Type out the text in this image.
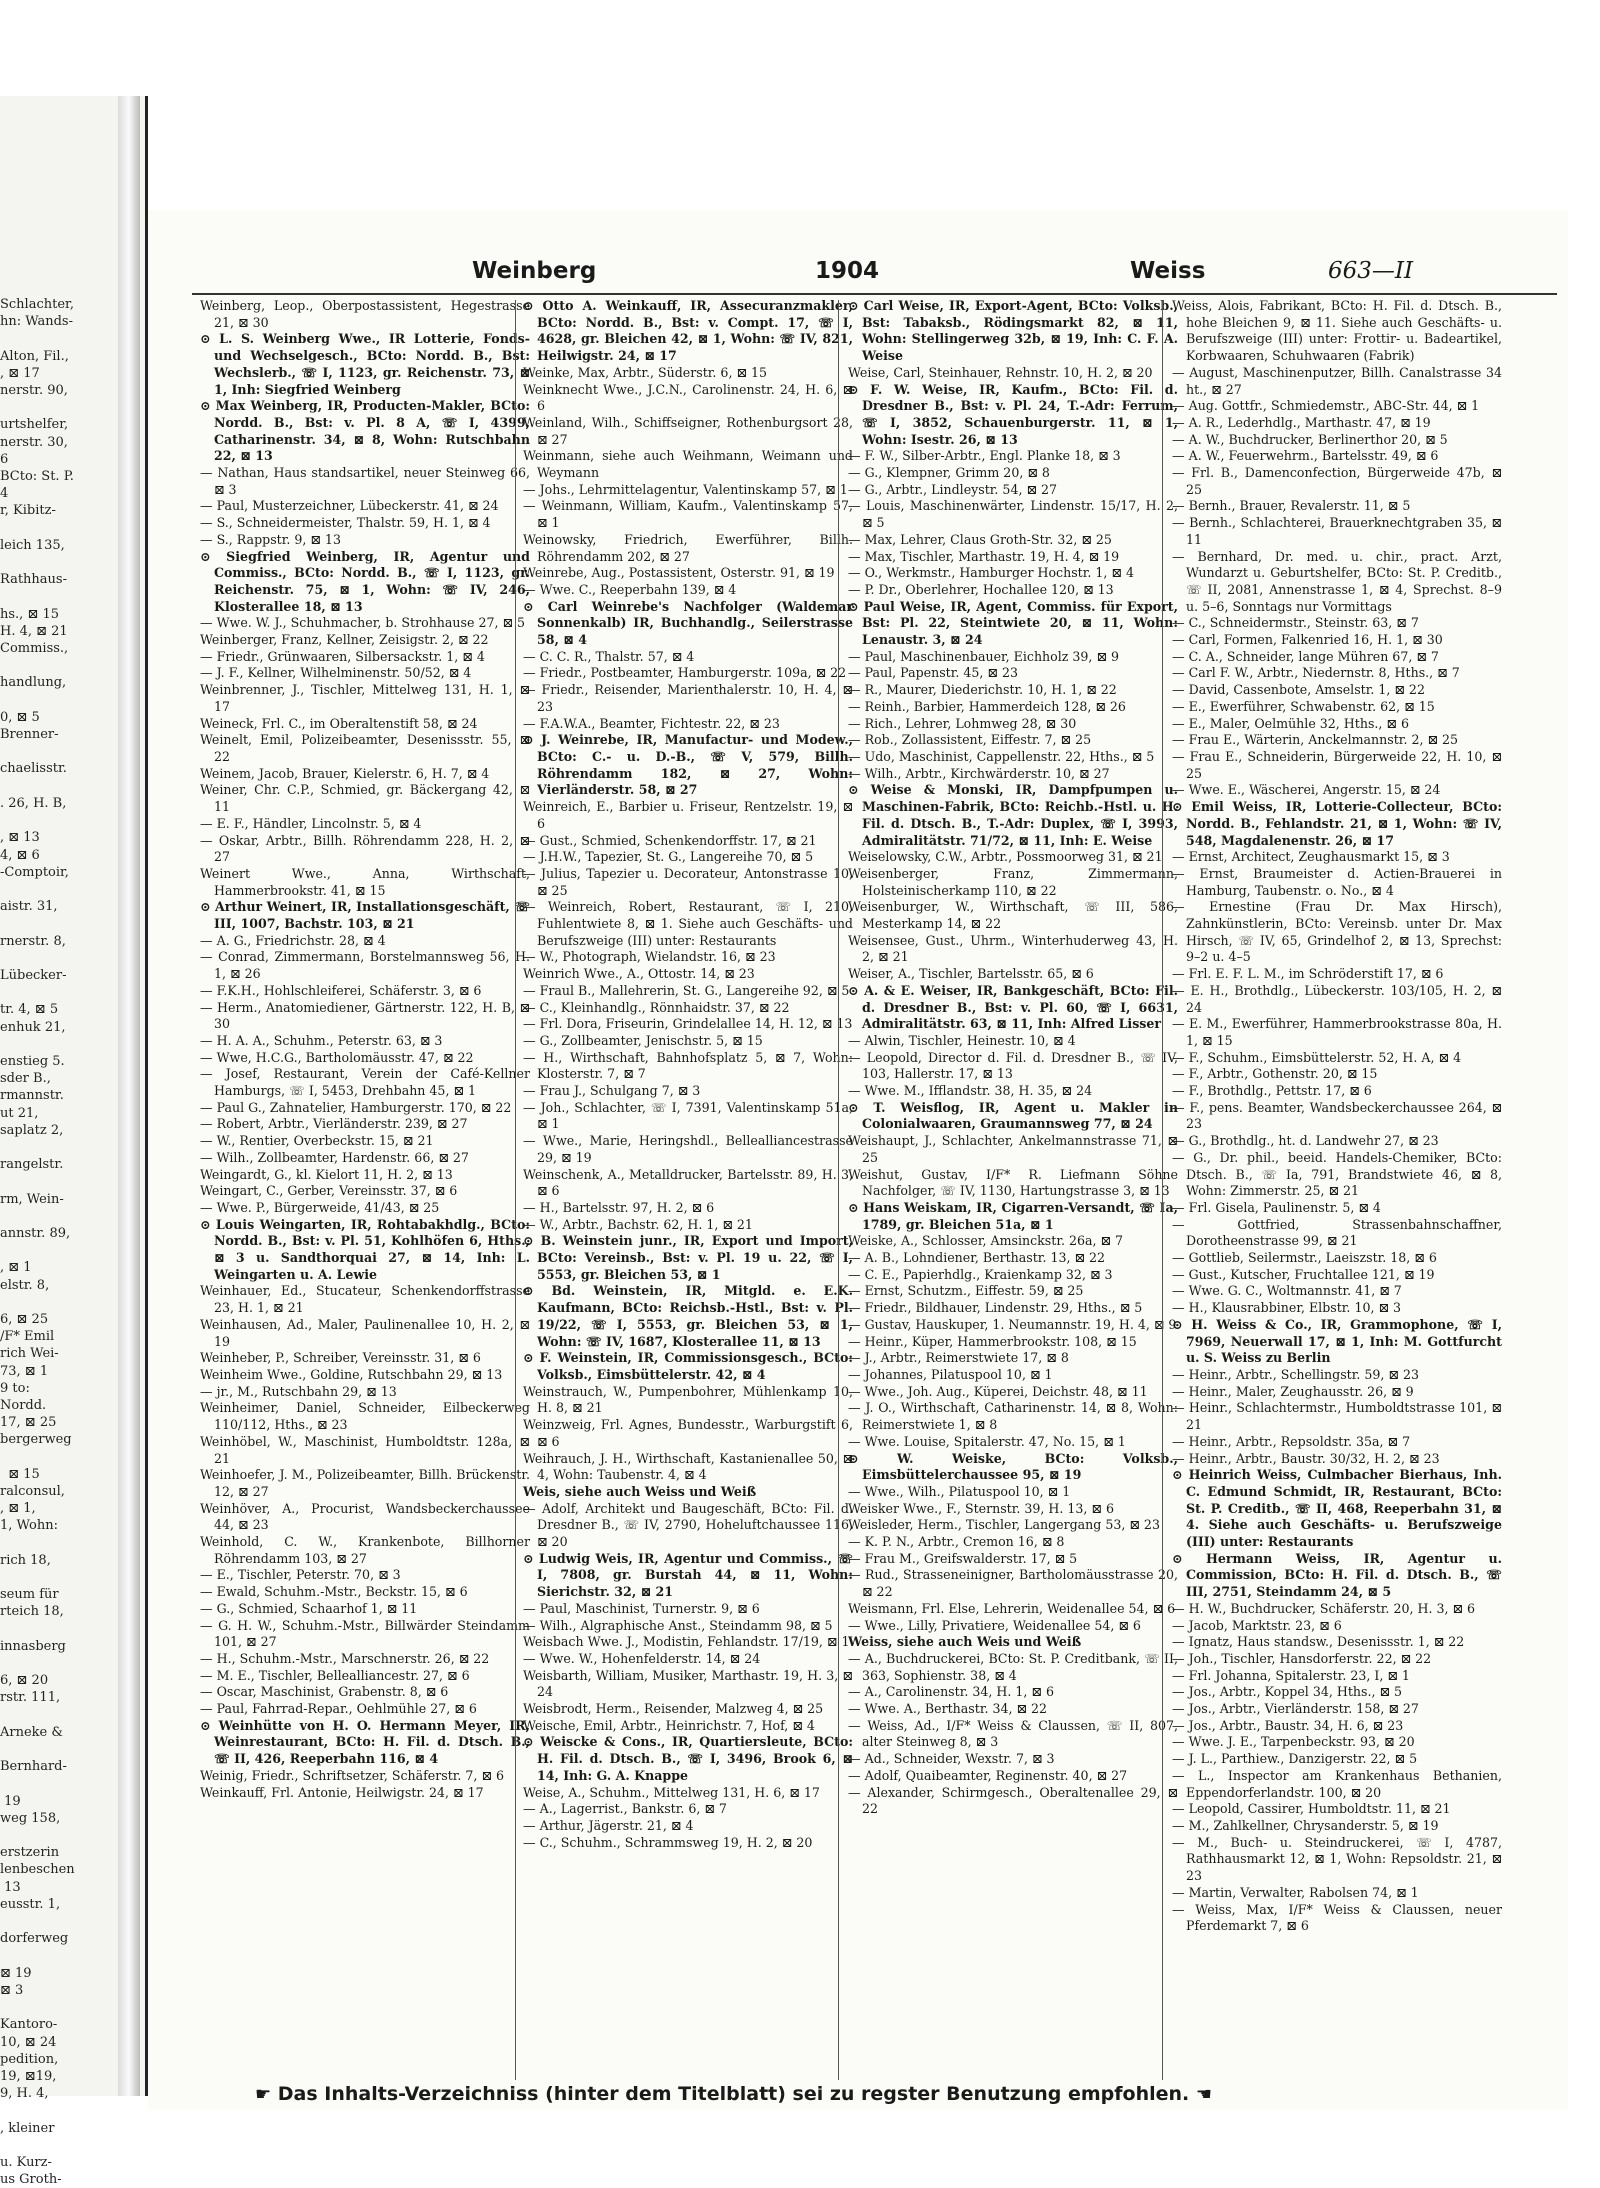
Schlachter,
hn: Wands-

Alton, Fil.,
, ⊠ 17
nerstr. 90,

urtshelfer,
nerstr. 30,
6
BCto: St. P.
4
r, Kibitz-

leich 135,

Rathhaus-

hs., ⊠ 15
H. 4, ⊠ 21
Commiss.,

handlung,

0, ⊠ 5
Brenner-

chaelisstr.

. 26, H. B,

, ⊠ 13
4, ⊠ 6
-Comptoir,

aistr. 31,

rnerstr. 8,

Lübecker-

tr. 4, ⊠ 5
enhuk 21,

enstieg 5.
sder B.,
rmannstr.
ut 21,
saplatz 2,

rangelstr.

rm, Wein-

annstr. 89,

, ⊠ 1
elstr. 8,

6, ⊠ 25
/F* Emil
rich Wei-
73, ⊠ 1
9 to:
Nordd.
17, ⊠ 25
bergerweg

⊠ 15
ralconsul,
, ⊠ 1,
1, Wohn:

rich 18,

seum für
rteich 18,

innasberg

6, ⊠ 20
rstr. 111,

Arneke &

Bernhard-

19
weg 158,

erstzerin
lenbeschen
13
eusstr. 1,

dorferweg

⊠ 19
⊠ 3

Kantoro-
10, ⊠ 24
pedition,
19, ⊠19,
9, H. 4,

, kleiner

u. Kurz-
us Groth-
Weinberg	1904	Weiss	663—II

Weinberg, Leop., Oberpostassistent, Hegestrasse 21, ⊠ 30

⊙ L. S. Weinberg Wwe., IR Lotterie, Fonds- und Wechselgesch., BCto: Nordd. B., Bst: Wechslerb., ☏ I, 1123, gr. Reichenstr. 73, ⊠ 1, Inh: Siegfried Weinberg

⊙ Max Weinberg, IR, Producten-Makler, BCto: Nordd. B., Bst: v. Pl. 8 A, ☏ I, 4399, Catharinenstr. 34, ⊠ 8, Wohn: Rutschbahn 22, ⊠ 13

— Nathan, Haus standsartikel, neuer Steinweg 66, ⊠ 3

— Paul, Musterzeichner, Lübeckerstr. 41, ⊠ 24

— S., Schneidermeister, Thalstr. 59, H. 1, ⊠ 4

— S., Rappstr. 9, ⊠ 13

⊙ Siegfried Weinberg, IR, Agentur und Commiss., BCto: Nordd. B., ☏ I, 1123, gr. Reichenstr. 75, ⊠ 1, Wohn: ☏ IV, 246, Klosterallee 18, ⊠ 13

— Wwe. W. J., Schuhmacher, b. Strohhause 27, ⊠ 5

Weinberger, Franz, Kellner, Zeisigstr. 2, ⊠ 22

— Friedr., Grünwaaren, Silbersackstr. 1, ⊠ 4

— J. F., Kellner, Wilhelminenstr. 50/52, ⊠ 4

Weinbrenner, J., Tischler, Mittelweg 131, H. 1, ⊠ 17

Weineck, Frl. C., im Oberaltenstift 58, ⊠ 24

Weinelt, Emil, Polizeibeamter, Desenissstr. 55, ⊠ 22

Weinem, Jacob, Brauer, Kielerstr. 6, H. 7, ⊠ 4

Weiner, Chr. C.P., Schmied, gr. Bäckergang 42, ⊠ 11

— E. F., Händler, Lincolnstr. 5, ⊠ 4

— Oskar, Arbtr., Billh. Röhrendamm 228, H. 2, ⊠ 27

Weinert Wwe., Anna, Wirthschaft, Hammerbrookstr. 41, ⊠ 15

⊙ Arthur Weinert, IR, Installationsgeschäft, ☏ III, 1007, Bachstr. 103, ⊠ 21

— A. G., Friedrichstr. 28, ⊠ 4

— Conrad, Zimmermann, Borstelmannsweg 56, H. 1, ⊠ 26

— F.K.H., Hohlschleiferei, Schäferstr. 3, ⊠ 6

— Herm., Anatomiediener, Gärtnerstr. 122, H. B, ⊠ 30

— H. A. A., Schuhm., Peterstr. 63, ⊠ 3

— Wwe, H.C.G., Bartholomäusstr. 47, ⊠ 22

— Josef, Restaurant, Verein der Café-Kellner Hamburgs, ☏ I, 5453, Drehbahn 45, ⊠ 1

— Paul G., Zahnatelier, Hamburgerstr. 170, ⊠ 22

— Robert, Arbtr., Vierländerstr. 239, ⊠ 27

— W., Rentier, Overbeckstr. 15, ⊠ 21

— Wilh., Zollbeamter, Hardenstr. 66, ⊠ 27

Weingardt, G., kl. Kielort 11, H. 2, ⊠ 13

Weingart, C., Gerber, Vereinsstr. 37, ⊠ 6

— Wwe. P., Bürgerweide, 41/43, ⊠ 25

⊙ Louis Weingarten, IR, Rohtabakhdlg., BCto: Nordd. B., Bst: v. Pl. 51, Kohlhöfen 6, Hths., ⊠ 3 u. Sandthorquai 27, ⊠ 14, Inh: L. Weingarten u. A. Lewie

Weinhauer, Ed., Stucateur, Schenkendorffstrasse 23, H. 1, ⊠ 21

Weinhausen, Ad., Maler, Paulinenallee 10, H. 2, ⊠ 19

Weinheber, P., Schreiber, Vereinsstr. 31, ⊠ 6

Weinheim Wwe., Goldine, Rutschbahn 29, ⊠ 13

— jr., M., Rutschbahn 29, ⊠ 13

Weinheimer, Daniel, Schneider, Eilbeckerweg 110/112, Hths., ⊠ 23

Weinhöbel, W., Maschinist, Humboldtstr. 128a, ⊠ 21

Weinhoefer, J. M., Polizeibeamter, Billh. Brückenstr. 12, ⊠ 27

Weinhöver, A., Procurist, Wandsbeckerchaussee 44, ⊠ 23

Weinhold, C. W., Krankenbote, Billhorner Röhrendamm 103, ⊠ 27

— E., Tischler, Peterstr. 70, ⊠ 3

— Ewald, Schuhm.-Mstr., Beckstr. 15, ⊠ 6

— G., Schmied, Schaarhof 1, ⊠ 11

— G. H. W., Schuhm.-Mstr., Billwärder Steindamm 101, ⊠ 27

— H., Schuhm.-Mstr., Marschnerstr. 26, ⊠ 22

— M. E., Tischler, Bellealliancestr. 27, ⊠ 6

— Oscar, Maschinist, Grabenstr. 8, ⊠ 6

— Paul, Fahrrad-Repar., Oehlmühle 27, ⊠ 6

⊙ Weinhütte von H. O. Hermann Meyer, IR, Weinrestaurant, BCto: H. Fil. d. Dtsch. B., ☏ II, 426, Reeperbahn 116, ⊠ 4

Weinig, Friedr., Schriftsetzer, Schäferstr. 7, ⊠ 6

Weinkauff, Frl. Antonie, Heilwigstr. 24, ⊠ 17

⊙ Otto A. Weinkauff, IR, Assecuranzmakler, BCto: Nordd. B., Bst: v. Compt. 17, ☏ I, 4628, gr. Bleichen 42, ⊠ 1, Wohn: ☏ IV, 821, Heilwigstr. 24, ⊠ 17

Weinke, Max, Arbtr., Süderstr. 6, ⊠ 15

Weinknecht Wwe., J.C.N., Carolinenstr. 24, H. 6, ⊠ 6

Weinland, Wilh., Schiffseigner, Rothenburgsort 28, ⊠ 27

Weinmann, siehe auch Weihmann, Weimann und Weymann

— Johs., Lehrmittelagentur, Valentinskamp 57, ⊠ 1

— Weinmann, William, Kaufm., Valentinskamp 57, ⊠ 1

Weinowsky, Friedrich, Ewerführer, Billh. Röhrendamm 202, ⊠ 27

Weinrebe, Aug., Postassistent, Osterstr. 91, ⊠ 19

— Wwe. C., Reeperbahn 139, ⊠ 4

⊙ Carl Weinrebe's Nachfolger (Waldemar Sonnenkalb) IR, Buchhandlg., Seilerstrasse 58, ⊠ 4

— C. C. R., Thalstr. 57, ⊠ 4

— Friedr., Postbeamter, Hamburgerstr. 109a, ⊠ 22

— Friedr., Reisender, Marienthalerstr. 10, H. 4, ⊠ 23

— F.A.W.A., Beamter, Fichtestr. 22, ⊠ 23

⊙ J. Weinrebe, IR, Manufactur- und Modew., BCto: C.- u. D.-B., ☏ V, 579, Billh. Röhrendamm 182, ⊠ 27, Wohn: Vierländerstr. 58, ⊠ 27

Weinreich, E., Barbier u. Friseur, Rentzelstr. 19, ⊠ 6

— Gust., Schmied, Schenkendorffstr. 17, ⊠ 21

— J.H.W., Tapezier, St. G., Langereihe 70, ⊠ 5

— Julius, Tapezier u. Decorateur, Antonstrasse 10, ⊠ 25

— Weinreich, Robert, Restaurant, ☏ I, 210, Fuhlentwiete 8, ⊠ 1. Siehe auch Geschäfts- und Berufszweige (III) unter: Restaurants

— W., Photograph, Wielandstr. 16, ⊠ 23

Weinrich Wwe., A., Ottostr. 14, ⊠ 23

— Fraul B., Mallehrerin, St. G., Langereihe 92, ⊠ 5

— C., Kleinhandlg., Rönnhaidstr. 37, ⊠ 22

— Frl. Dora, Friseurin, Grindelallee 14, H. 12, ⊠ 13

— G., Zollbeamter, Jenischstr. 5, ⊠ 15

— H., Wirthschaft, Bahnhofsplatz 5, ⊠ 7, Wohn: Klosterstr. 7, ⊠ 7

— Frau J., Schulgang 7, ⊠ 3

— Joh., Schlachter, ☏ I, 7391, Valentinskamp 51a, ⊠ 1

— Wwe., Marie, Heringshdl., Bellealliancestrasse 29, ⊠ 19

Weinschenk, A., Metalldrucker, Bartelsstr. 89, H. 3, ⊠ 6

— H., Bartelsstr. 97, H. 2, ⊠ 6

— W., Arbtr., Bachstr. 62, H. 1, ⊠ 21

⊙ B. Weinstein junr., IR, Export und Import, BCto: Vereinsb., Bst: v. Pl. 19 u. 22, ☏ I, 5553, gr. Bleichen 53, ⊠ 1

⊙ Bd. Weinstein, IR, Mitgld. e. E.K. Kaufmann, BCto: Reichsb.-Hstl., Bst: v. Pl. 19/22, ☏ I, 5553, gr. Bleichen 53, ⊠ 1, Wohn: ☏ IV, 1687, Klosterallee 11, ⊠ 13

⊙ F. Weinstein, IR, Commissionsgesch., BCto: Volksb., Eimsbüttelerstr. 42, ⊠ 4

Weinstrauch, W., Pumpenbohrer, Mühlenkamp 10, H. 8, ⊠ 21

Weinzweig, Frl. Agnes, Bundesstr., Warburgstift 6, ⊠ 6

Weihrauch, J. H., Wirthschaft, Kastanienallee 50, ⊠ 4, Wohn: Taubenstr. 4, ⊠ 4

Weis, siehe auch Weiss und Weiß

— Adolf, Architekt und Baugeschäft, BCto: Fil. d. Dresdner B., ☏ IV, 2790, Hoheluftchaussee 116, ⊠ 20

⊙ Ludwig Weis, IR, Agentur und Commiss., ☏ I, 7808, gr. Burstah 44, ⊠ 11, Wohn: Sierichstr. 32, ⊠ 21

— Paul, Maschinist, Turnerstr. 9, ⊠ 6

— Wilh., Algraphische Anst., Steindamm 98, ⊠ 5

Weisbach Wwe. J., Modistin, Fehlandstr. 17/19, ⊠ 1

— Wwe. W., Hohenfelderstr. 14, ⊠ 24

Weisbarth, William, Musiker, Marthastr. 19, H. 3, ⊠ 24

Weisbrodt, Herm., Reisender, Malzweg 4, ⊠ 25

Weische, Emil, Arbtr., Heinrichstr. 7, Hof, ⊠ 4

⊙ Weiscke & Cons., IR, Quartiersleute, BCto: H. Fil. d. Dtsch. B., ☏ I, 3496, Brook 6, ⊠ 14, Inh: G. A. Knappe

Weise, A., Schuhm., Mittelweg 131, H. 6, ⊠ 17

— A., Lagerrist., Bankstr. 6, ⊠ 7

— Arthur, Jägerstr. 21, ⊠ 4

— C., Schuhm., Schrammsweg 19, H. 2, ⊠ 20

⊙ Carl Weise, IR, Export-Agent, BCto: Volksb., Bst: Tabaksb., Rödingsmarkt 82, ⊠ 11, Wohn: Stellingerweg 32b, ⊠ 19, Inh: C. F. A. Weise

Weise, Carl, Steinhauer, Rehnstr. 10, H. 2, ⊠ 20

⊙ F. W. Weise, IR, Kaufm., BCto: Fil. d. Dresdner B., Bst: v. Pl. 24, T.-Adr: Ferrum, ☏ I, 3852, Schauenburgerstr. 11, ⊠ 1, Wohn: Isestr. 26, ⊠ 13

— F. W., Silber-Arbtr., Engl. Planke 18, ⊠ 3

— G., Klempner, Grimm 20, ⊠ 8

— G., Arbtr., Lindleystr. 54, ⊠ 27

— Louis, Maschinenwärter, Lindenstr. 15/17, H. 2, ⊠ 5

— Max, Lehrer, Claus Groth-Str. 32, ⊠ 25

— Max, Tischler, Marthastr. 19, H. 4, ⊠ 19

— O., Werkmstr., Hamburger Hochstr. 1, ⊠ 4

— P. Dr., Oberlehrer, Hochallee 120, ⊠ 13

⊙ Paul Weise, IR, Agent, Commiss. für Export, Bst: Pl. 22, Steintwiete 20, ⊠ 11, Wohn: Lenaustr. 3, ⊠ 24

— Paul, Maschinenbauer, Eichholz 39, ⊠ 9

— Paul, Papenstr. 45, ⊠ 23

— R., Maurer, Diederichstr. 10, H. 1, ⊠ 22

— Reinh., Barbier, Hammerdeich 128, ⊠ 26

— Rich., Lehrer, Lohmweg 28, ⊠ 30

— Rob., Zollassistent, Eiffestr. 7, ⊠ 25

— Udo, Maschinist, Cappellenstr. 22, Hths., ⊠ 5

— Wilh., Arbtr., Kirchwärderstr. 10, ⊠ 27

⊙ Weise & Monski, IR, Dampfpumpen u. Maschinen-Fabrik, BCto: Reichb.-Hstl. u. H. Fil. d. Dtsch. B., T.-Adr: Duplex, ☏ I, 3993, Admiralitätstr. 71/72, ⊠ 11, Inh: E. Weise

Weiselowsky, C.W., Arbtr., Possmoorweg 31, ⊠ 21

Weisenberger, Franz, Zimmermann, Holsteinischerkamp 110, ⊠ 22

Weisenburger, W., Wirthschaft, ☏ III, 586, Mesterkamp 14, ⊠ 22

Weisensee, Gust., Uhrm., Winterhuderweg 43, H. 2, ⊠ 21

Weiser, A., Tischler, Bartelsstr. 65, ⊠ 6

⊙ A. & E. Weiser, IR, Bankgeschäft, BCto: Fil. d. Dresdner B., Bst: v. Pl. 60, ☏ I, 6631, Admiralitätstr. 63, ⊠ 11, Inh: Alfred Lisser

— Alwin, Tischler, Heinestr. 10, ⊠ 4

— Leopold, Director d. Fil. d. Dresdner B., ☏ IV, 103, Hallerstr. 17, ⊠ 13

— Wwe. M., Ifflandstr. 38, H. 35, ⊠ 24

⊙ T. Weisflog, IR, Agent u. Makler in Colonialwaaren, Graumannsweg 77, ⊠ 24

Weishaupt, J., Schlachter, Ankelmannstrasse 71, ⊠ 25

Weishut, Gustav, I/F* R. Liefmann Söhne Nachfolger, ☏ IV, 1130, Hartungstrasse 3, ⊠ 13

⊙ Hans Weiskam, IR, Cigarren-Versandt, ☏ Ia, 1789, gr. Bleichen 51a, ⊠ 1

Weiske, A., Schlosser, Amsinckstr. 26a, ⊠ 7

— A. B., Lohndiener, Berthastr. 13, ⊠ 22

— C. E., Papierhdlg., Kraienkamp 32, ⊠ 3

— Ernst, Schutzm., Eiffestr. 59, ⊠ 25

— Friedr., Bildhauer, Lindenstr. 29, Hths., ⊠ 5

— Gustav, Hauskuper, 1. Neumannstr. 19, H. 4, ⊠ 9

— Heinr., Küper, Hammerbrookstr. 108, ⊠ 15

— J., Arbtr., Reimerstwiete 17, ⊠ 8

— Johannes, Pilatuspool 10, ⊠ 1

— Wwe., Joh. Aug., Küperei, Deichstr. 48, ⊠ 11

— J. O., Wirthschaft, Catharinenstr. 14, ⊠ 8, Wohn: Reimerstwiete 1, ⊠ 8

— Wwe. Louise, Spitalerstr. 47, No. 15, ⊠ 1

⊙ W. Weiske, BCto: Volksb., Eimsbüttelerchaussee 95, ⊠ 19

— Wwe., Wilh., Pilatuspool 10, ⊠ 1

Weisker Wwe., F., Sternstr. 39, H. 13, ⊠ 6

Weisleder, Herm., Tischler, Langergang 53, ⊠ 23

— K. P. N., Arbtr., Cremon 16, ⊠ 8

— Frau M., Greifswalderstr. 17, ⊠ 5

— Rud., Strasseneinigner, Bartholomäusstrasse 20, ⊠ 22

Weismann, Frl. Else, Lehrerin, Weidenallee 54, ⊠ 6

— Wwe., Lilly, Privatiere, Weidenallee 54, ⊠ 6

Weiss, siehe auch Weis und Weiß

— A., Buchdruckerei, BCto: St. P. Creditbank, ☏ II, 363, Sophienstr. 38, ⊠ 4

— A., Carolinenstr. 34, H. 1, ⊠ 6

— Wwe. A., Berthastr. 34, ⊠ 22

— Weiss, Ad., I/F* Weiss & Claussen, ☏ II, 807, alter Steinweg 8, ⊠ 3

— Ad., Schneider, Wexstr. 7, ⊠ 3

— Adolf, Quaibeamter, Reginenstr. 40, ⊠ 27

— Alexander, Schirmgesch., Oberaltenallee 29, ⊠ 22

Weiss, Alois, Fabrikant, BCto: H. Fil. d. Dtsch. B., hohe Bleichen 9, ⊠ 11. Siehe auch Geschäfts- u. Berufszweige (III) unter: Frottir- u. Badeartikel, Korbwaaren, Schuhwaaren (Fabrik)

— August, Maschinenputzer, Billh. Canalstrasse 34 ht., ⊠ 27

— Aug. Gottfr., Schmiedemstr., ABC-Str. 44, ⊠ 1

— A. R., Lederhdlg., Marthastr. 47, ⊠ 19

— A. W., Buchdrucker, Berlinerthor 20, ⊠ 5

— A. W., Feuerwehrm., Bartelsstr. 49, ⊠ 6

— Frl. B., Damenconfection, Bürgerweide 47b, ⊠ 25

— Bernh., Brauer, Revalerstr. 11, ⊠ 5

— Bernh., Schlachterei, Brauerknechtgraben 35, ⊠ 11

— Bernhard, Dr. med. u. chir., pract. Arzt, Wundarzt u. Geburtshelfer, BCto: St. P. Creditb., ☏ II, 2081, Annenstrasse 1, ⊠ 4, Sprechst. 8–9 u. 5–6, Sonntags nur Vormittags

— C., Schneidermstr., Steinstr. 63, ⊠ 7

— Carl, Formen, Falkenried 16, H. 1, ⊠ 30

— C. A., Schneider, lange Mühren 67, ⊠ 7

— Carl F. W., Arbtr., Niedernstr. 8, Hths., ⊠ 7

— David, Cassenbote, Amselstr. 1, ⊠ 22

— E., Ewerführer, Schwabenstr. 62, ⊠ 15

— E., Maler, Oelmühle 32, Hths., ⊠ 6

— Frau E., Wärterin, Anckelmannstr. 2, ⊠ 25

— Frau E., Schneiderin, Bürgerweide 22, H. 10, ⊠ 25

— Wwe. E., Wäscherei, Angerstr. 15, ⊠ 24

⊙ Emil Weiss, IR, Lotterie-Collecteur, BCto: Nordd. B., Fehlandstr. 21, ⊠ 1, Wohn: ☏ IV, 548, Magdalenenstr. 26, ⊠ 17

— Ernst, Architect, Zeughausmarkt 15, ⊠ 3

— Ernst, Braumeister d. Actien-Brauerei in Hamburg, Taubenstr. o. No., ⊠ 4

— Ernestine (Frau Dr. Max Hirsch), Zahnkünstlerin, BCto: Vereinsb. unter Dr. Max Hirsch, ☏ IV, 65, Grindelhof 2, ⊠ 13, Sprechst: 9–2 u. 4–5

— Frl. E. F. L. M., im Schröderstift 17, ⊠ 6

— E. H., Brothdlg., Lübeckerstr. 103/105, H. 2, ⊠ 24

— E. M., Ewerführer, Hammerbrookstrasse 80a, H. 1, ⊠ 15

— F., Schuhm., Eimsbüttelerstr. 52, H. A, ⊠ 4

— F., Arbtr., Gothenstr. 20, ⊠ 15

— F., Brothdlg., Pettstr. 17, ⊠ 6

— F., pens. Beamter, Wandsbeckerchaussee 264, ⊠ 23

— G., Brothdlg., ht. d. Landwehr 27, ⊠ 23

— G., Dr. phil., beeid. Handels-Chemiker, BCto: Dtsch. B., ☏ Ia, 791, Brandstwiete 46, ⊠ 8, Wohn: Zimmerstr. 25, ⊠ 21

— Frl. Gisela, Paulinenstr. 5, ⊠ 4

— Gottfried, Strassenbahnschaffner, Dorotheenstrasse 99, ⊠ 21

— Gottlieb, Seilermstr., Laeiszstr. 18, ⊠ 6

— Gust., Kutscher, Fruchtallee 121, ⊠ 19

— Wwe. G. C., Woltmannstr. 41, ⊠ 7

— H., Klausrabbiner, Elbstr. 10, ⊠ 3

⊙ H. Weiss & Co., IR, Grammophone, ☏ I, 7969, Neuerwall 17, ⊠ 1, Inh: M. Gottfurcht u. S. Weiss zu Berlin

— Heinr., Arbtr., Schellingstr. 59, ⊠ 23

— Heinr., Maler, Zeughausstr. 26, ⊠ 9

— Heinr., Schlachtermstr., Humboldtstrasse 101, ⊠ 21

— Heinr., Arbtr., Repsoldstr. 35a, ⊠ 7

— Heinr., Arbtr., Baustr. 30/32, H. 2, ⊠ 23

⊙ Heinrich Weiss, Culmbacher Bierhaus, Inh. C. Edmund Schmidt, IR, Restaurant, BCto: St. P. Creditb., ☏ II, 468, Reeperbahn 31, ⊠ 4. Siehe auch Geschäfts- u. Berufszweige (III) unter: Restaurants

⊙ Hermann Weiss, IR, Agentur u. Commission, BCto: H. Fil. d. Dtsch. B., ☏ III, 2751, Steindamm 24, ⊠ 5

— H. W., Buchdrucker, Schäferstr. 20, H. 3, ⊠ 6

— Jacob, Marktstr. 23, ⊠ 6

— Ignatz, Haus standsw., Desenissstr. 1, ⊠ 22

— Joh., Tischler, Hansdorferstr. 22, ⊠ 22

— Frl. Johanna, Spitalerstr. 23, I, ⊠ 1

— Jos., Arbtr., Koppel 34, Hths., ⊠ 5

— Jos., Arbtr., Vierländerstr. 158, ⊠ 27

— Jos., Arbtr., Baustr. 34, H. 6, ⊠ 23

— Wwe. J. E., Tarpenbeckstr. 93, ⊠ 20

— J. L., Parthiew., Danzigerstr. 22, ⊠ 5

— L., Inspector am Krankenhaus Bethanien, Eppendorferlandstr. 100, ⊠ 20

— Leopold, Cassirer, Humboldtstr. 11, ⊠ 21

— M., Zahlkellner, Chrysanderstr. 5, ⊠ 19

— M., Buch- u. Steindruckerei, ☏ I, 4787, Rathhausmarkt 12, ⊠ 1, Wohn: Repsoldstr. 21, ⊠ 23

— Martin, Verwalter, Rabolsen 74, ⊠ 1

— Weiss, Max, I/F* Weiss & Claussen, neuer Pferdemarkt 7, ⊠ 6

☛ Das Inhalts-Verzeichniss (hinter dem Titelblatt) sei zu regster Benutzung empfohlen. ☚
